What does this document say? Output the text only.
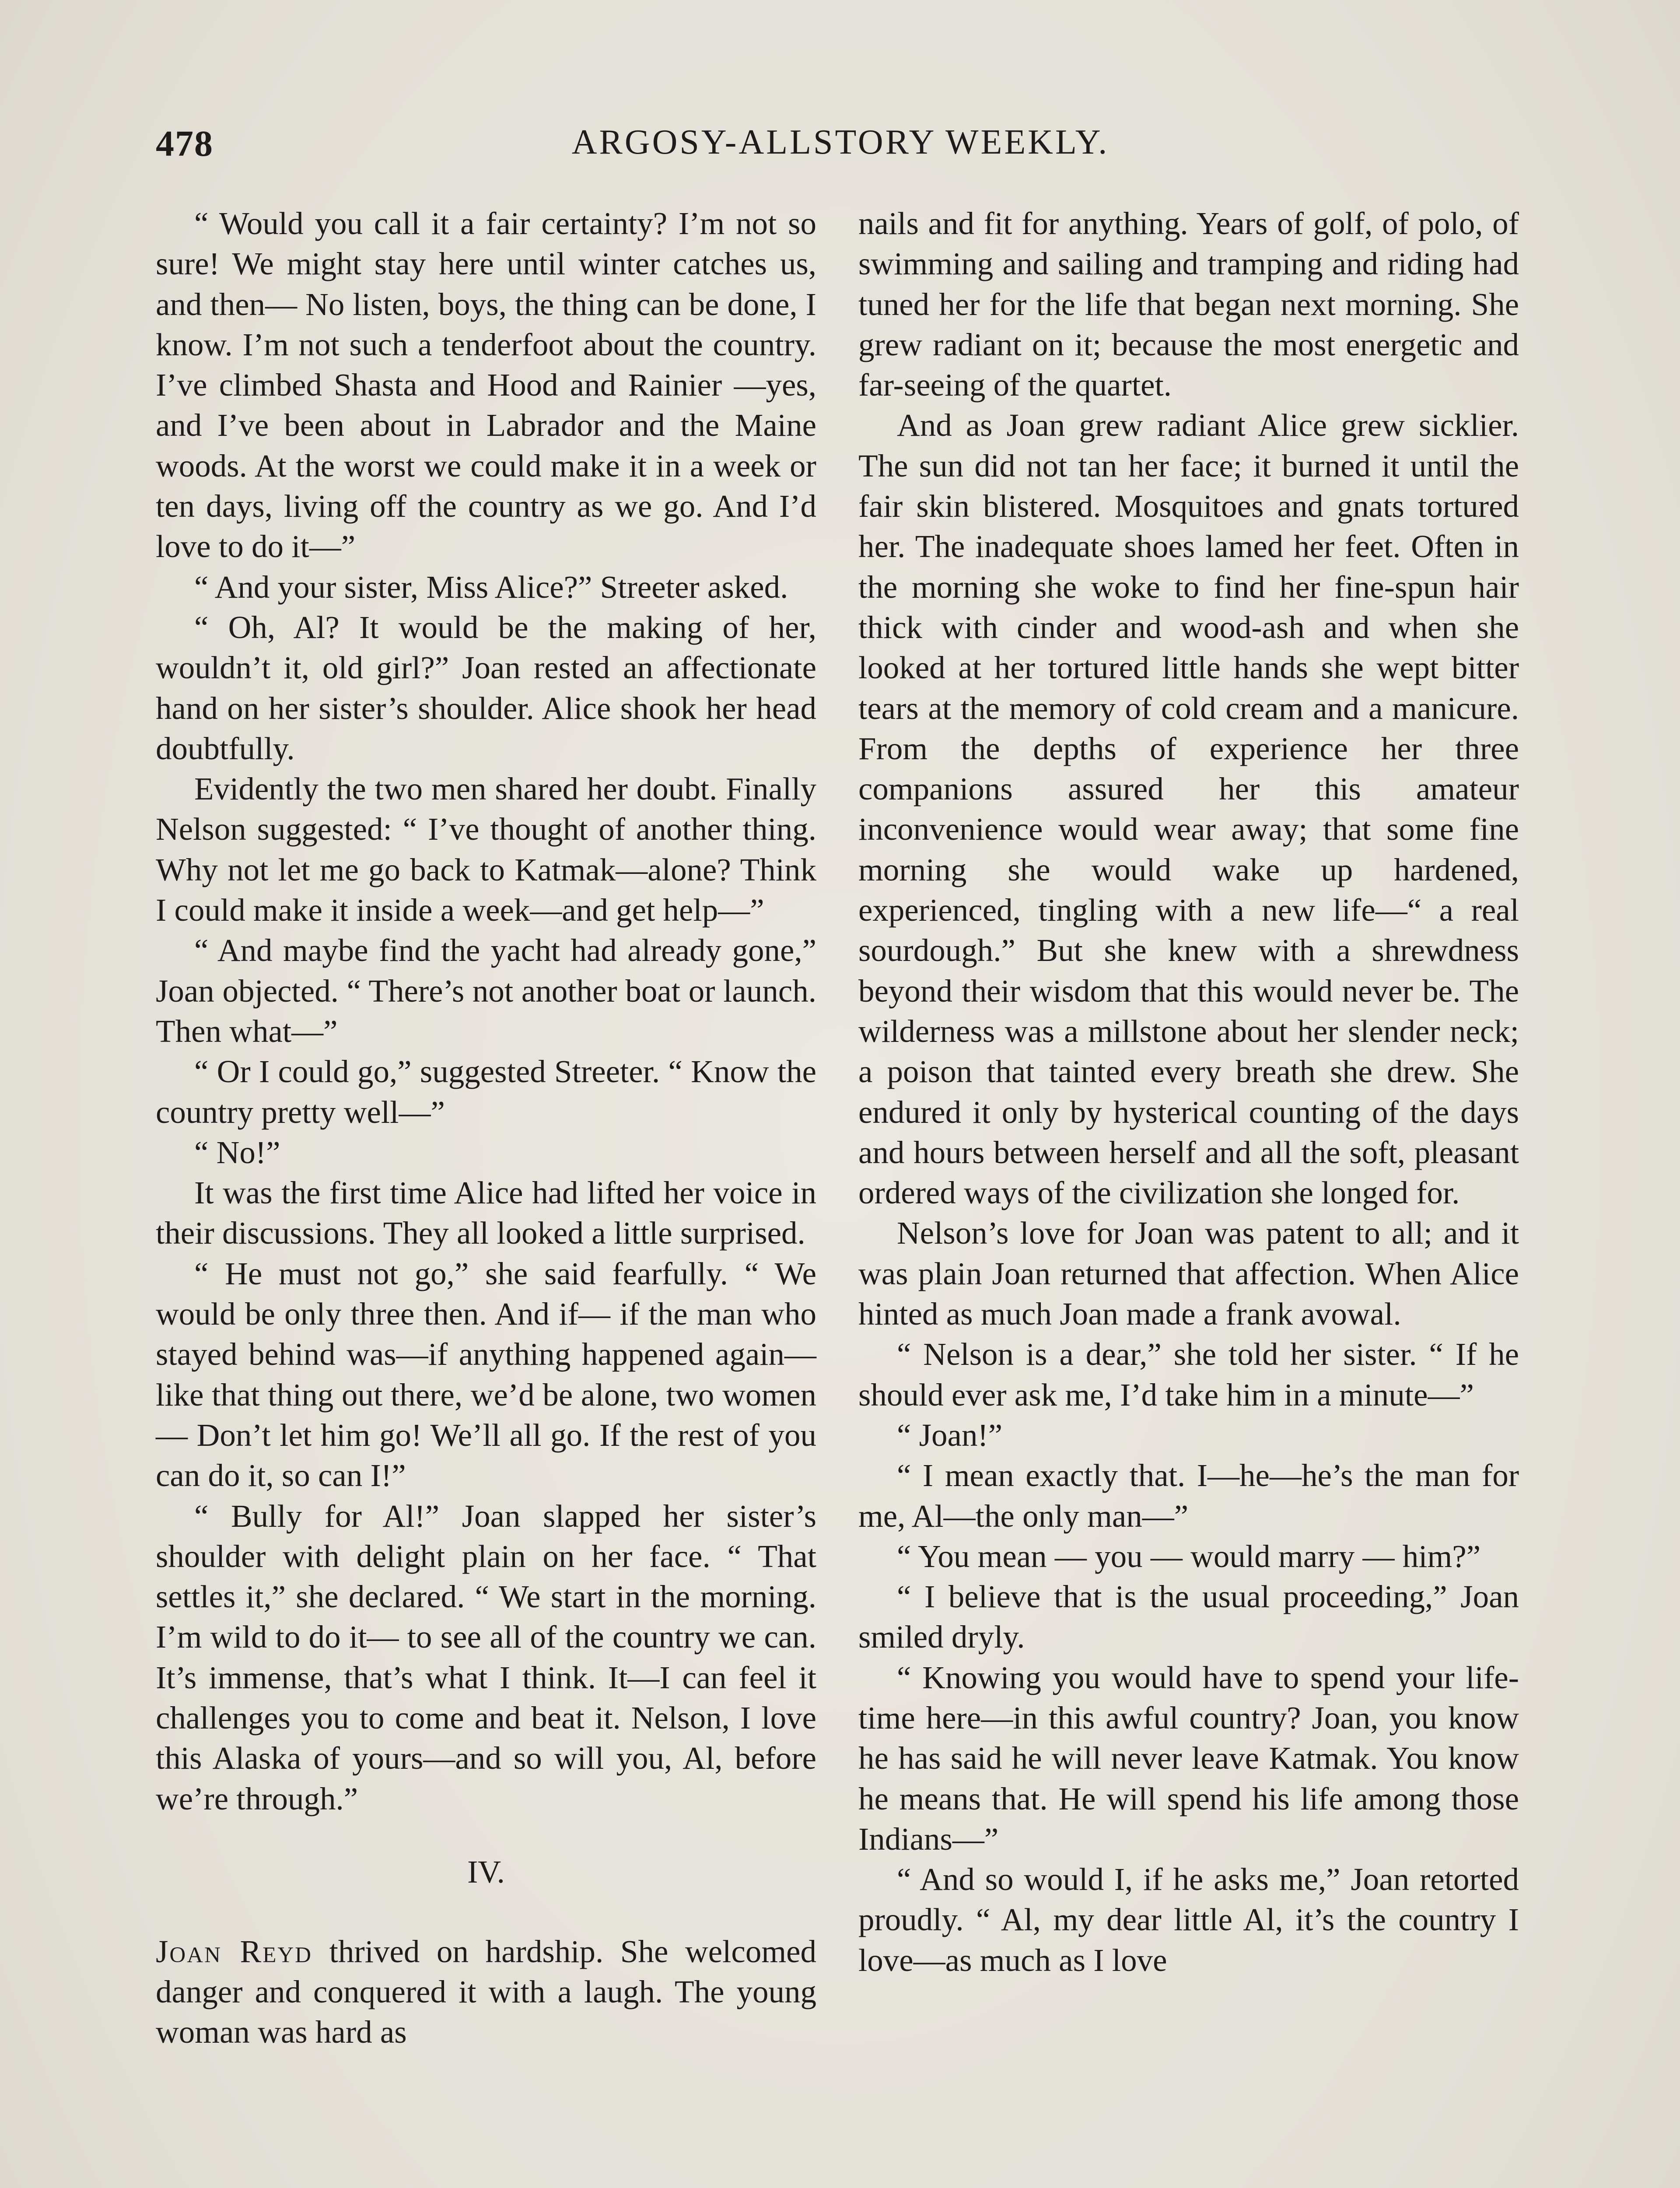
478	ARGOSY-ALLSTORY WEEKLY.

“ Would you call it a fair certainty? I’m not so sure! We might stay here until winter catches us, and then— No listen, boys, the thing can be done, I know. I’m not such a tenderfoot about the country. I’ve climbed Shasta and Hood and Rainier —yes, and I’ve been about in Labrador and the Maine woods. At the worst we could make it in a week or ten days, living off the country as we go. And I’d love to do it—”

“ And your sister, Miss Alice?” Streeter asked.

“ Oh, Al? It would be the making of her, wouldn’t it, old girl?” Joan rested an affectionate hand on her sister’s shoulder. Alice shook her head doubtfully.

Evidently the two men shared her doubt. Finally Nelson suggested: “ I’ve thought of another thing. Why not let me go back to Katmak—alone? Think I could make it inside a week—and get help—”

“ And maybe find the yacht had already gone,” Joan objected. “ There’s not another boat or launch. Then what—”

“ Or I could go,” suggested Streeter. “ Know the country pretty well—”

“ No!”

It was the first time Alice had lifted her voice in their discussions. They all looked a little surprised.

“ He must not go,” she said fearfully. “ We would be only three then. And if— if the man who stayed behind was—if anything happened again—like that thing out there, we’d be alone, two women— Don’t let him go! We’ll all go. If the rest of you can do it, so can I!”

“ Bully for Al!” Joan slapped her sister’s shoulder with delight plain on her face. “ That settles it,” she declared. “ We start in the morning. I’m wild to do it— to see all of the country we can. It’s immense, that’s what I think. It—I can feel it challenges you to come and beat it. Nelson, I love this Alaska of yours—and so will you, Al, before we’re through.”

IV.

Joan Reyd thrived on hardship. She welcomed danger and conquered it with a laugh. The young woman was hard as

nails and fit for anything. Years of golf, of polo, of swimming and sailing and tramping and riding had tuned her for the life that began next morning. She grew radiant on it; because the most energetic and far-seeing of the quartet.

And as Joan grew radiant Alice grew sicklier. The sun did not tan her face; it burned it until the fair skin blistered. Mosquitoes and gnats tortured her. The inadequate shoes lamed her feet. Often in the morning she woke to find her fine-spun hair thick with cinder and wood-ash and when she looked at her tortured little hands she wept bitter tears at the memory of cold cream and a manicure. From the depths of experience her three companions assured her this amateur inconvenience would wear away; that some fine morning she would wake up hardened, experienced, tingling with a new life—“ a real sourdough.” But she knew with a shrewdness beyond their wisdom that this would never be. The wilderness was a millstone about her slender neck; a poison that tainted every breath she drew. She endured it only by hysterical counting of the days and hours between herself and all the soft, pleasant ordered ways of the civilization she longed for.

Nelson’s love for Joan was patent to all; and it was plain Joan returned that affection. When Alice hinted as much Joan made a frank avowal.

“ Nelson is a dear,” she told her sister. “ If he should ever ask me, I’d take him in a minute—”

“ Joan!”

“ I mean exactly that. I—he—he’s the man for me, Al—the only man—”

“ You mean — you — would marry — him?”

“ I believe that is the usual proceeding,” Joan smiled dryly.

“ Knowing you would have to spend your life-time here—in this awful country? Joan, you know he has said he will never leave Katmak. You know he means that. He will spend his life among those Indians—”

“ And so would I, if he asks me,” Joan retorted proudly. “ Al, my dear little Al, it’s the country I love—as much as I love
